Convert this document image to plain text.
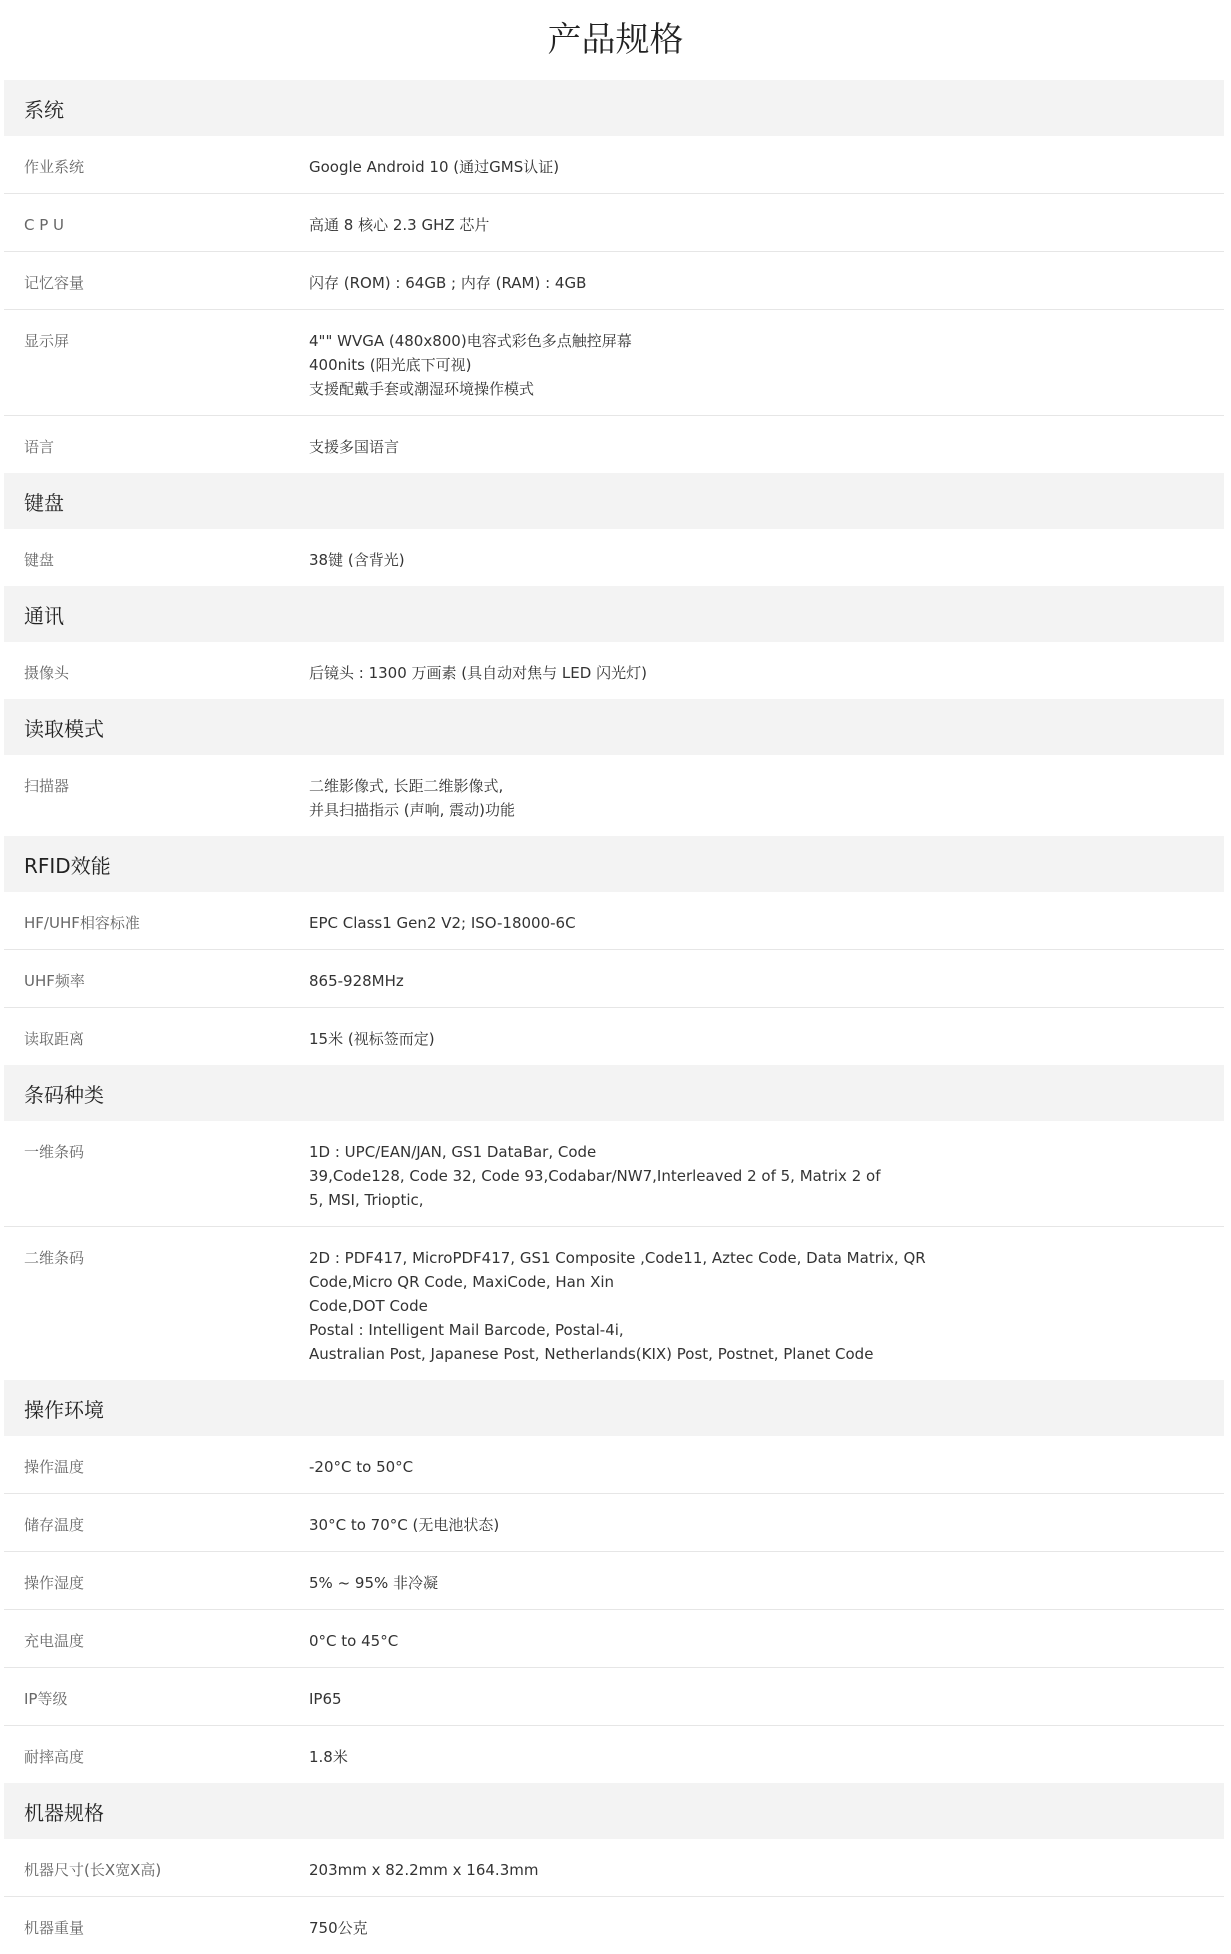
产品规格
系统
作业系统	Google Android 10 (通过GMS认证)
C P U	高通 8 核心 2.3 GHZ 芯片
记忆容量	闪存 (ROM) : 64GB ; 内存 (RAM) : 4GB
显示屏	4"" WVGA (480x800)电容式彩色多点触控屏幕
400nits (阳光底下可视)
支援配戴手套或潮湿环境操作模式
语言	支援多国语言
键盘
键盘	38键 (含背光)
通讯
摄像头	后镜头 : 1300 万画素 (具自动对焦与 LED 闪光灯)
读取模式
扫描器	二维影像式, 长距二维影像式,
并具扫描指示 (声响, 震动)功能
RFID效能
HF/UHF相容标准	EPC Class1 Gen2 V2; ISO-18000-6C
UHF频率	865-928MHz
读取距离	15米 (视标签而定)
条码种类
一维条码	1D : UPC/EAN/JAN, GS1 DataBar, Code
39,Code128, Code 32, Code 93,Codabar/NW7,Interleaved 2 of 5, Matrix 2 of
5, MSI, Trioptic,
二维条码	2D : PDF417, MicroPDF417, GS1 Composite ,Code11, Aztec Code, Data Matrix, QR
Code,Micro QR Code, MaxiCode, Han Xin
Code,DOT Code
Postal : Intelligent Mail Barcode, Postal-4i,
Australian Post, Japanese Post, Netherlands(KIX) Post, Postnet, Planet Code
操作环境
操作温度	-20°C to 50°C
储存温度	30°C to 70°C (无电池状态)
操作湿度	5% ~ 95% 非冷凝
充电温度	0°C to 45°C
IP等级	IP65
耐摔高度	1.8米
机器规格
机器尺寸(长X宽X高)	203mm x 82.2mm x 164.3mm
机器重量	750公克
